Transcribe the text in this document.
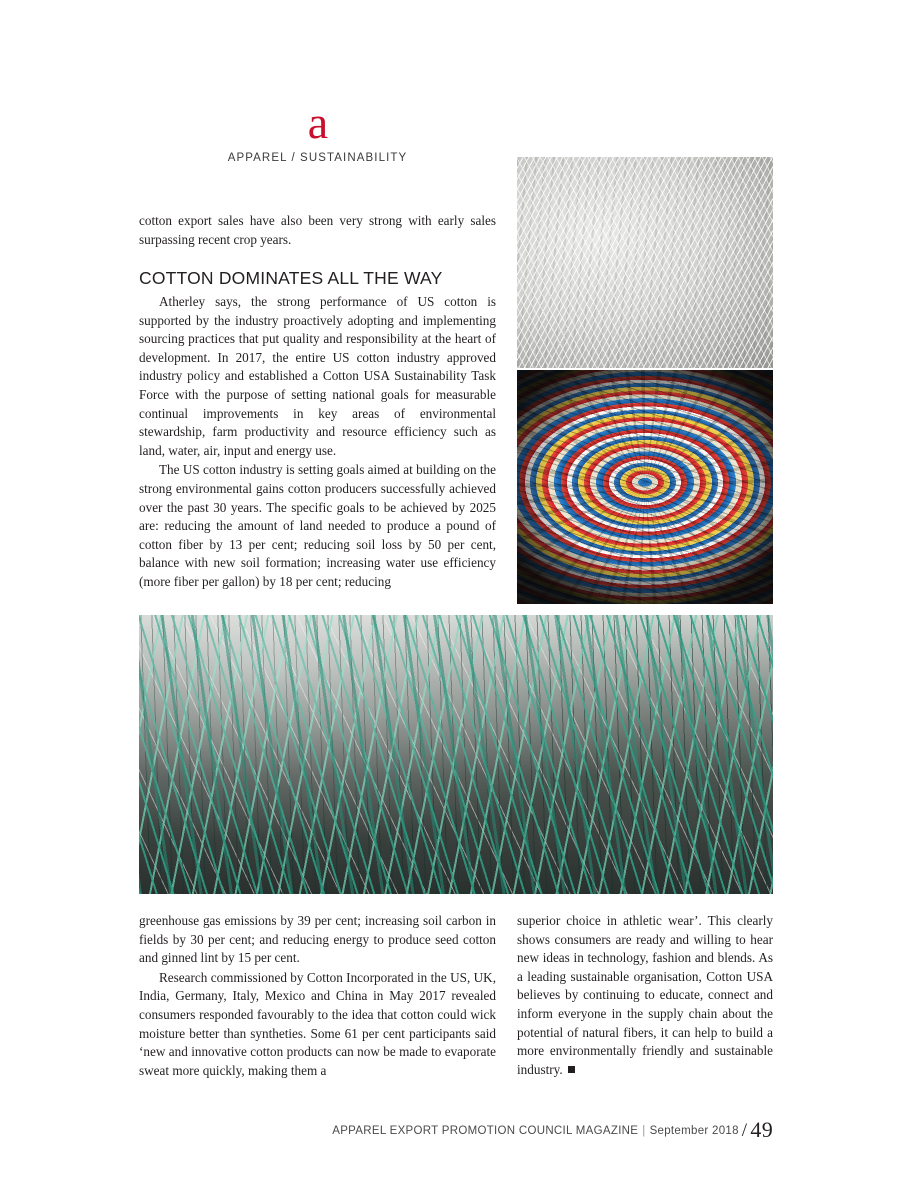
a
APPAREL / SUSTAINABILITY

cotton export sales have also been very strong with early sales surpassing recent crop years.

COTTON DOMINATES ALL THE WAY

Atherley says, the strong performance of US cotton is supported by the industry proactively adopting and implementing sourcing practices that put quality and responsibility at the heart of development. In 2017, the entire US cotton industry approved industry policy and established a Cotton USA Sustainability Task Force with the purpose of setting national goals for measurable continual improvements in key areas of environmental stewardship, farm productivity and resource efficiency such as land, water, air, input and energy use.

The US cotton industry is setting goals aimed at building on the strong environmental gains cotton producers successfully achieved over the past 30 years. The specific goals to be achieved by 2025 are: reducing the amount of land needed to produce a pound of cotton fiber by 13 per cent; reducing soil loss by 50 per cent, balance with new soil formation; increasing water use efficiency (more fiber per gallon) by 18 per cent; reducing

greenhouse gas emissions by 39 per cent; increasing soil carbon in fields by 30 per cent; and reducing energy to produce seed cotton and ginned lint by 15 per cent.

Research commissioned by Cotton Incorporated in the US, UK, India, Germany, Italy, Mexico and China in May 2017 revealed consumers responded favourably to the idea that cotton could wick moisture better than syntheties. Some 61 per cent participants said ‘new and innovative cotton products can now be made to evaporate sweat more quickly, making them a

superior choice in athletic wear’. This clearly shows consumers are ready and willing to hear new ideas in technology, fashion and blends. As a leading sustainable organisation, Cotton USA believes by continuing to educate, connect and inform everyone in the supply chain about the potential of natural fibers, it can help to build a more environmentally friendly and sustainable industry.

APPAREL EXPORT PROMOTION COUNCIL MAGAZINE | September 2018 / 49
